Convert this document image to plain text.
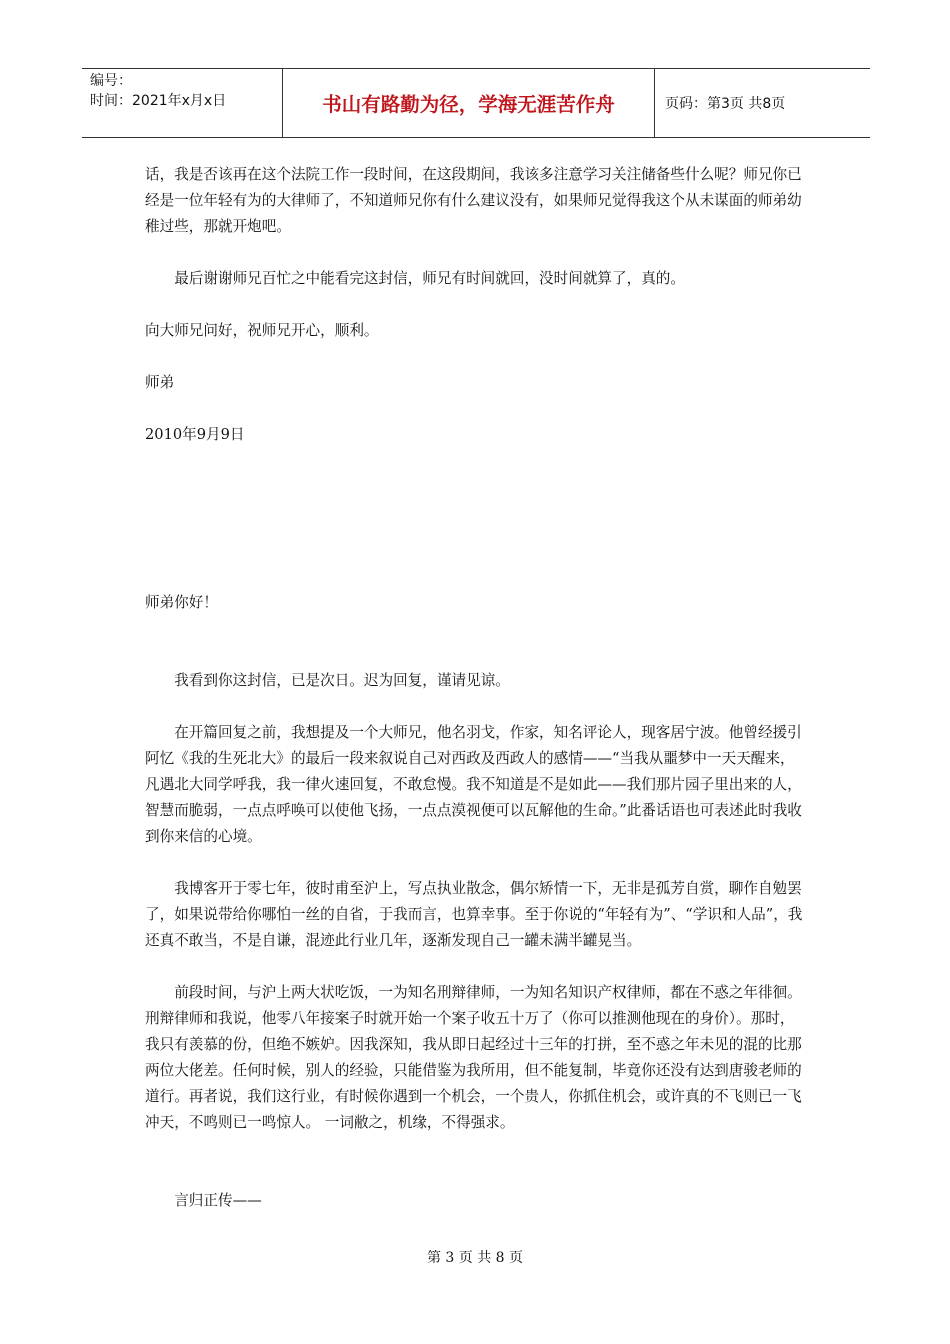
编号：
时间：2021年x月x日	书山有路勤为径，学海无涯苦作舟	页码：第3页 共8页

话，我是否该再在这个法院工作一段时间，在这段期间，我该多注意学习关注储备些什么呢？师兄你已经是一位年轻有为的大律师了，不知道师兄你有什么建议没有，如果师兄觉得我这个从未谋面的师弟幼稚过些，那就开炮吧。

最后谢谢师兄百忙之中能看完这封信，师兄有时间就回，没时间就算了，真的。

向大师兄问好，祝师兄开心，顺利。

师弟

2010年9月9日

师弟你好！

我看到你这封信，已是次日。迟为回复，谨请见谅。

在开篇回复之前，我想提及一个大师兄，他名羽戈，作家，知名评论人，现客居宁波。他曾经援引阿忆《我的生死北大》的最后一段来叙说自己对西政及西政人的感情——“当我从噩梦中一天天醒来，凡遇北大同学呼我，我一律火速回复，不敢怠慢。我不知道是不是如此——我们那片园子里出来的人，智慧而脆弱，一点点呼唤可以使他飞扬，一点点漠视便可以瓦解他的生命。”此番话语也可表述此时我收到你来信的心境。

我博客开于零七年，彼时甫至沪上，写点执业散念，偶尔矫情一下，无非是孤芳自赏，聊作自勉罢了，如果说带给你哪怕一丝的自省，于我而言，也算幸事。至于你说的“年轻有为”、“学识和人品”，我还真不敢当，不是自谦，混迹此行业几年，逐渐发现自己一罐未满半罐晃当。

前段时间，与沪上两大状吃饭，一为知名刑辩律师，一为知名知识产权律师，都在不惑之年徘徊。刑辩律师和我说，他零八年接案子时就开始一个案子收五十万了（你可以推测他现在的身价）。那时，我只有羡慕的份，但绝不嫉妒。因我深知，我从即日起经过十三年的打拼，至不惑之年未见的混的比那两位大佬差。任何时候，别人的经验，只能借鉴为我所用，但不能复制，毕竟你还没有达到唐骏老师的道行。再者说，我们这行业，有时候你遇到一个机会，一个贵人，你抓住机会，或许真的不飞则已一飞冲天，不鸣则已一鸣惊人。 一词敝之，机缘，不得强求。

言归正传——

第 3 页 共 8 页
